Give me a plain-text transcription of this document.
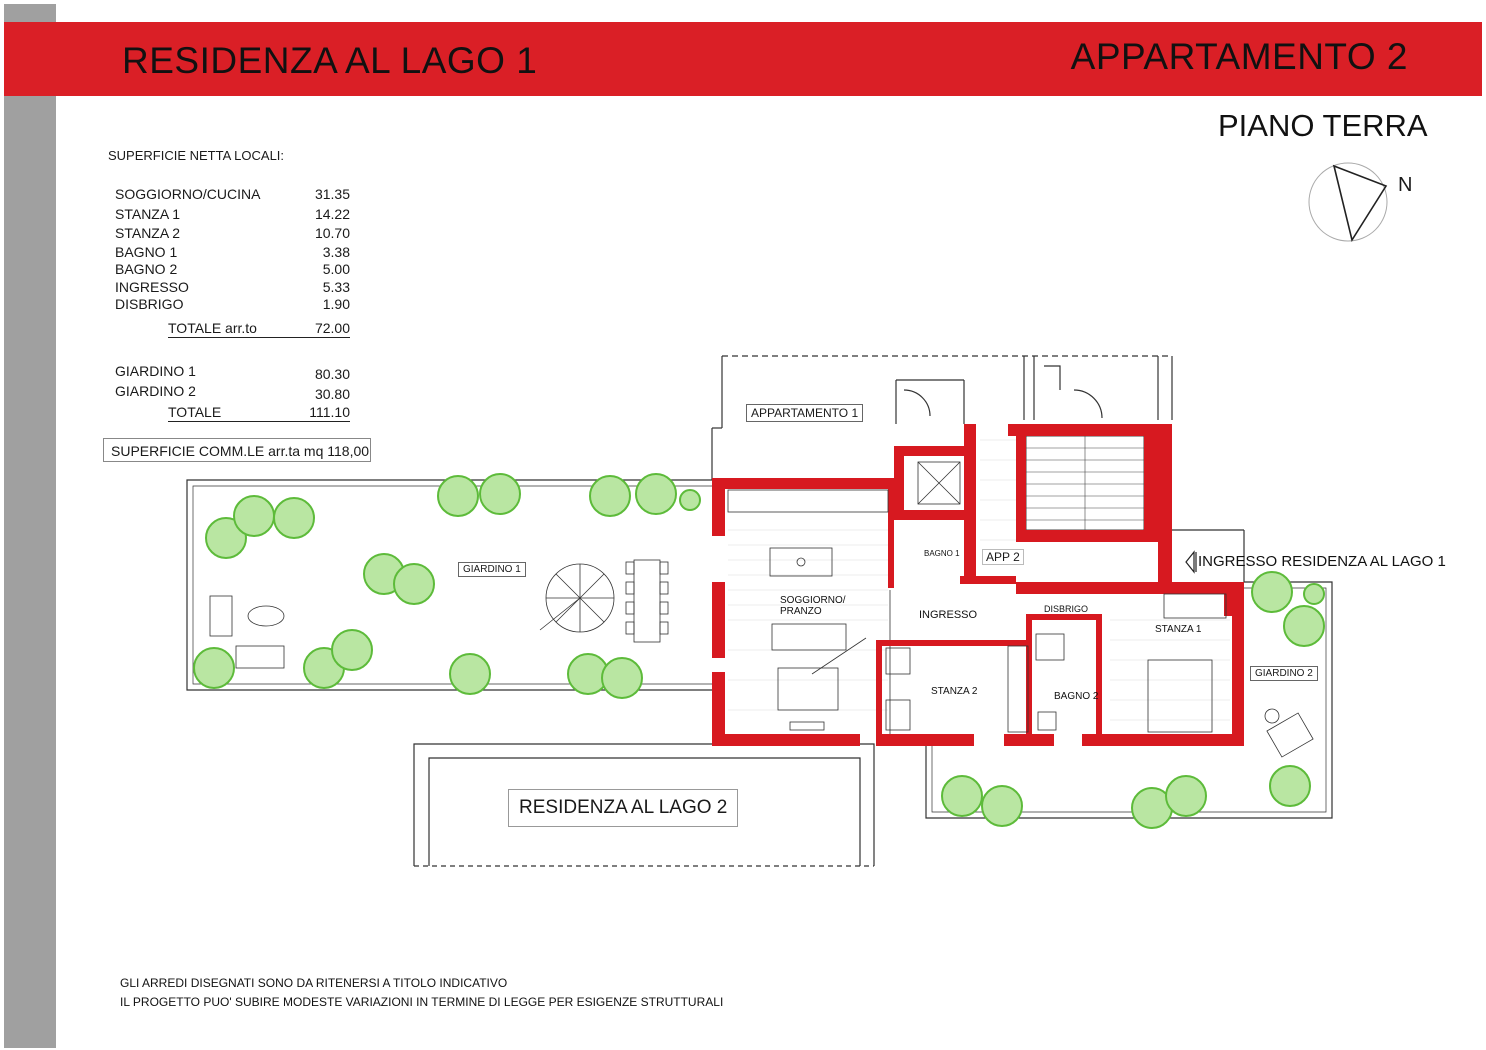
RESIDENZA AL LAGO 1	APPARTAMENTO 2
PIANO TERRA
N
SUPERFICIE NETTA LOCALI:
SOGGIORNO/CUCINA	31.35
STANZA 1	14.22
STANZA 2	10.70
BAGNO 1	3.38
BAGNO 2	5.00
INGRESSO	5.33
DISBRIGO	1.90
TOTALE arr.to	72.00
GIARDINO 1	80.30
GIARDINO 2	30.80
TOTALE	111.10
SUPERFICIE COMM.LE arr.ta mq 118,00
APPARTAMENTO 1
GIARDINO 1
GIARDINO 2
SOGGIORNO/
PRANZO	INGRESSO	DISBRIGO
BAGNO 1
BAGNO 2
STANZA 1
STANZA 2
APP 2	INGRESSO RESIDENZA AL LAGO 1
RESIDENZA AL LAGO 2
GLI ARREDI DISEGNATI SONO DA RITENERSI A TITOLO INDICATIVO
IL PROGETTO PUO' SUBIRE MODESTE VARIAZIONI IN TERMINE DI LEGGE PER ESIGENZE STRUTTURALI
